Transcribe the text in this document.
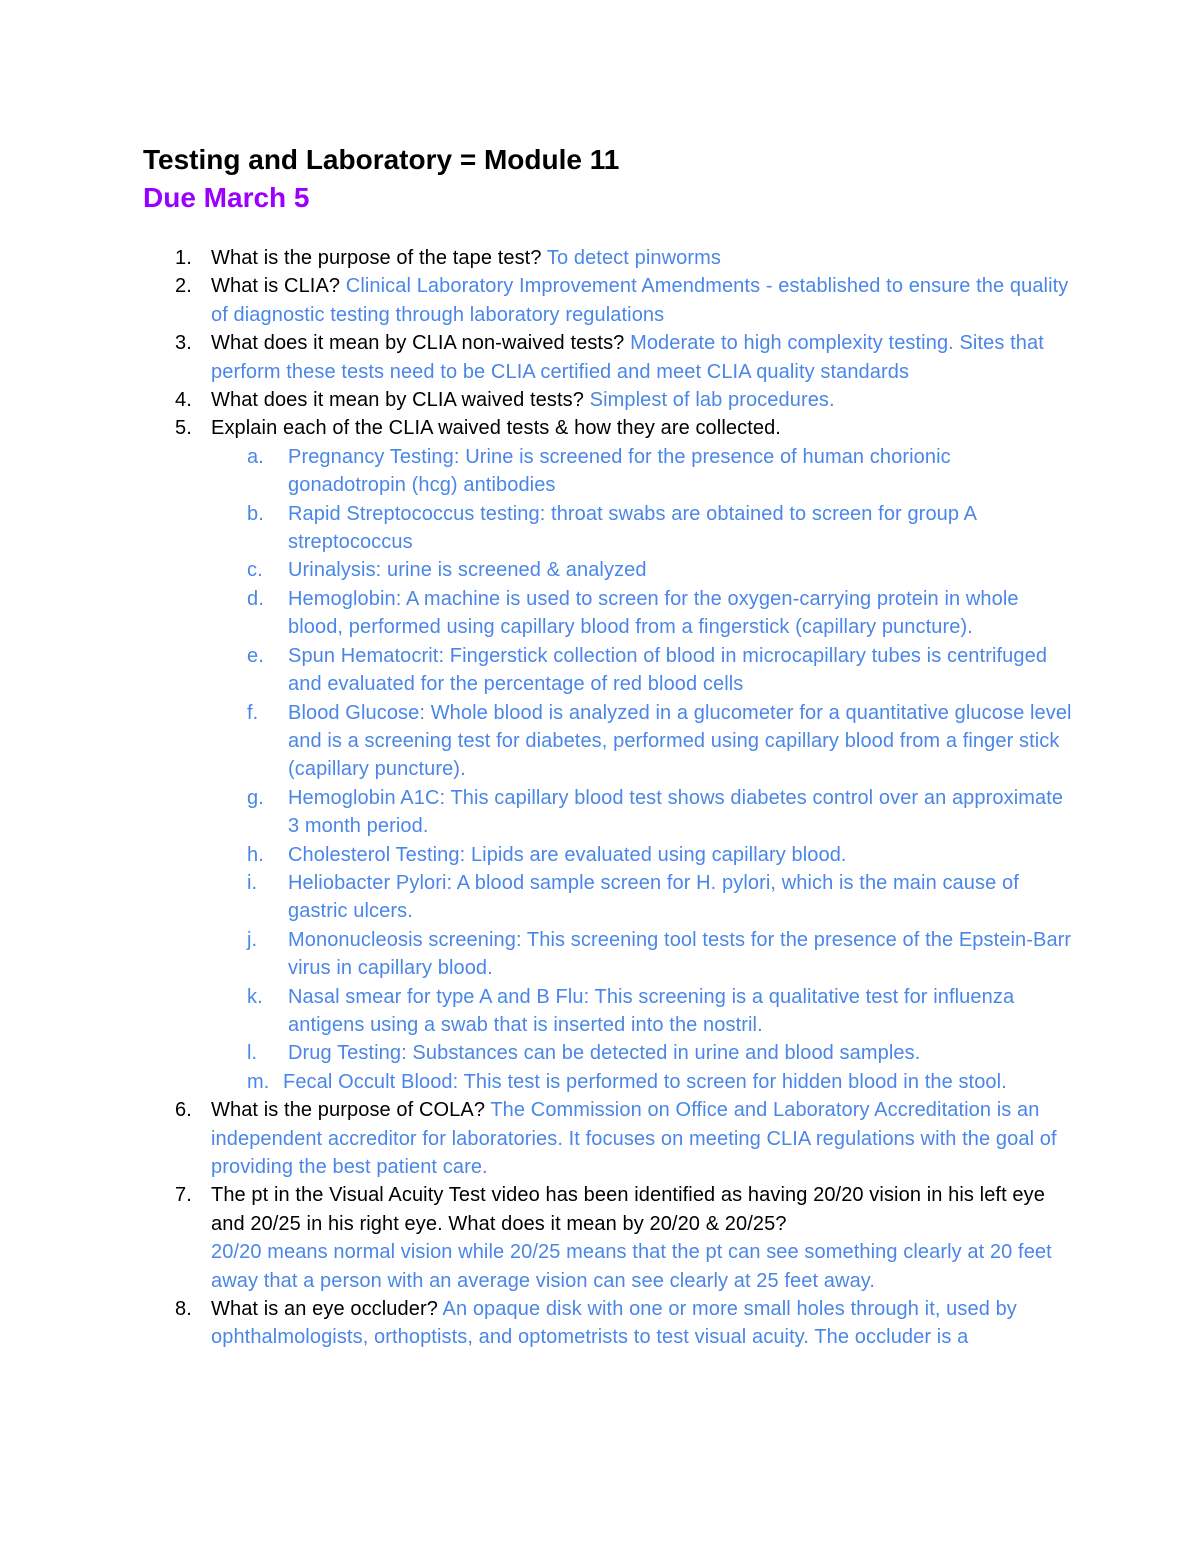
Testing and Laboratory = Module 11
Due March 5
1. What is the purpose of the tape test? To detect pinworms
2. What is CLIA? Clinical Laboratory Improvement Amendments - established to ensure the quality of diagnostic testing through laboratory regulations
3. What does it mean by CLIA non-waived tests? Moderate to high complexity testing. Sites that perform these tests need to be CLIA certified and meet CLIA quality standards
4. What does it mean by CLIA waived tests? Simplest of lab procedures.
5. Explain each of the CLIA waived tests & how they are collected.
a. Pregnancy Testing: Urine is screened for the presence of human chorionic gonadotropin (hcg) antibodies
b. Rapid Streptococcus testing: throat swabs are obtained to screen for group A streptococcus
c. Urinalysis: urine is screened & analyzed
d. Hemoglobin: A machine is used to screen for the oxygen-carrying protein in whole blood, performed using capillary blood from a fingerstick (capillary puncture).
e. Spun Hematocrit: Fingerstick collection of blood in microcapillary tubes is centrifuged and evaluated for the percentage of red blood cells
f. Blood Glucose: Whole blood is analyzed in a glucometer for a quantitative glucose level and is a screening test for diabetes, performed using capillary blood from a finger stick (capillary puncture).
g. Hemoglobin A1C: This capillary blood test shows diabetes control over an approximate 3 month period.
h. Cholesterol Testing: Lipids are evaluated using capillary blood.
i. Heliobacter Pylori: A blood sample screen for H. pylori, which is the main cause of gastric ulcers.
j. Mononucleosis screening: This screening tool tests for the presence of the Epstein-Barr virus in capillary blood.
k. Nasal smear for type A and B Flu: This screening is a qualitative test for influenza antigens using a swab that is inserted into the nostril.
l. Drug Testing: Substances can be detected in urine and blood samples.
m. Fecal Occult Blood: This test is performed to screen for hidden blood in the stool.
6. What is the purpose of COLA? The Commission on Office and Laboratory Accreditation is an independent accreditor for laboratories. It focuses on meeting CLIA regulations with the goal of providing the best patient care.
7. The pt in the Visual Acuity Test video has been identified as having 20/20 vision in his left eye and 20/25 in his right eye. What does it mean by 20/20 & 20/25?
20/20 means normal vision while 20/25 means that the pt can see something clearly at 20 feet away that a person with an average vision can see clearly at 25 feet away.
8. What is an eye occluder? An opaque disk with one or more small holes through it, used by ophthalmologists, orthoptists, and optometrists to test visual acuity. The occluder is a
